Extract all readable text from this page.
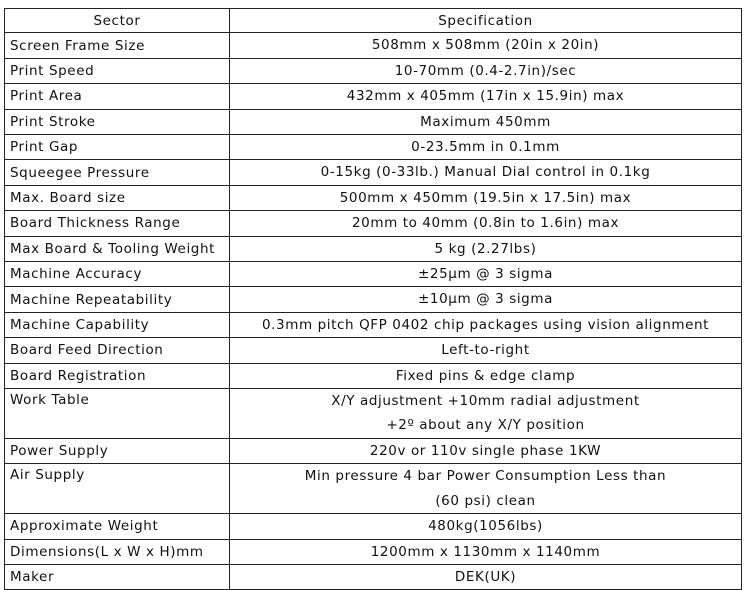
Sector	Specification
Screen Frame Size	508mm x 508mm (20in x 20in)

Print Speed	10-70mm (0.4-2.7in)/sec

Print Area	432mm x 405mm (17in x 15.9in) max

Print Stroke	Maximum 450mm

Print Gap	0-23.5mm in 0.1mm

Squeegee Pressure	0-15kg (0-33lb.) Manual Dial control in 0.1kg

Max. Board size	500mm x 450mm (19.5in x 17.5in) max

Board Thickness Range	20mm to 40mm (0.8in to 1.6in) max

Max Board & Tooling Weight	5 kg (2.27lbs)

Machine Accuracy	±25μm @ 3 sigma

Machine Repeatability	±10μm @ 3 sigma

Machine Capability	0.3mm pitch QFP 0402 chip packages using vision alignment

Board Feed Direction	Left-to-right

Board Registration	Fixed pins & edge clamp

Work Table	X/Y adjustment +10mm radial adjustment
+2º about any X/Y position

Power Supply	220v or 110v single phase 1KW

Air Supply	Min pressure 4 bar Power Consumption Less than
(60 psi) clean

Approximate Weight	480kg(1056lbs)

Dimensions(L x W x H)mm	1200mm x 1130mm x 1140mm

Maker	DEK(UK)
